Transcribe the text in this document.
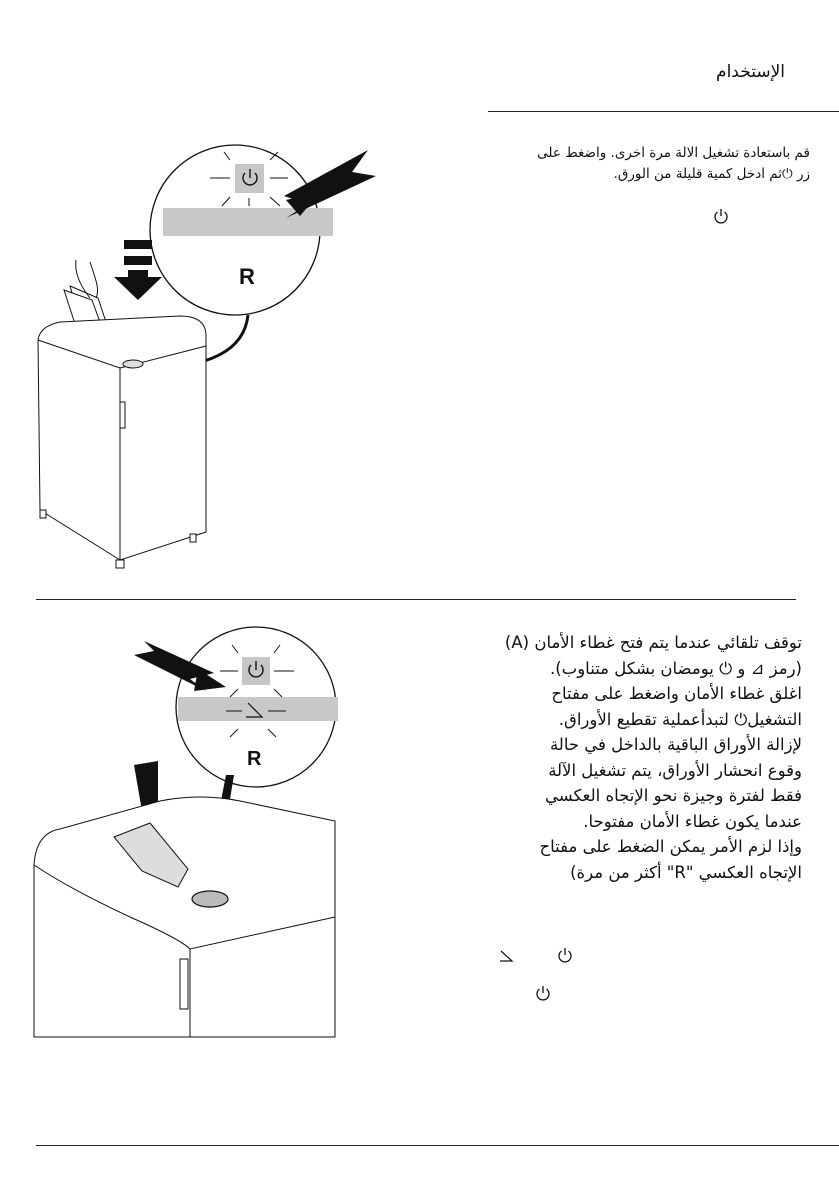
الإستخدام
قم باستعادة تشغيل الالة مرة اخرى. واضغط على
زر ⏻ثم ادخل كمية قليلة من الورق.
R
توقف تلقائي عندما يتم فتح غطاء الأمان (A)
(رمز ⊿ و ⏻ يومضان بشكل متناوب).
اغلق غطاء الأمان واضغط على مفتاح
التشغيل⏻ لتبدأعملية تقطيع الأوراق.
لإزالة الأوراق الباقية بالداخل في حالة
وقوع انحشار الأوراق، يتم تشغيل الآلة
فقط لفترة وجيزة نحو الإتجاه العكسي
عندما يكون غطاء الأمان مفتوحا.
وإذا لزم الأمر يمكن الضغط على مفتاح
الإتجاه العكسي "R" أكثر من مرة)
R
